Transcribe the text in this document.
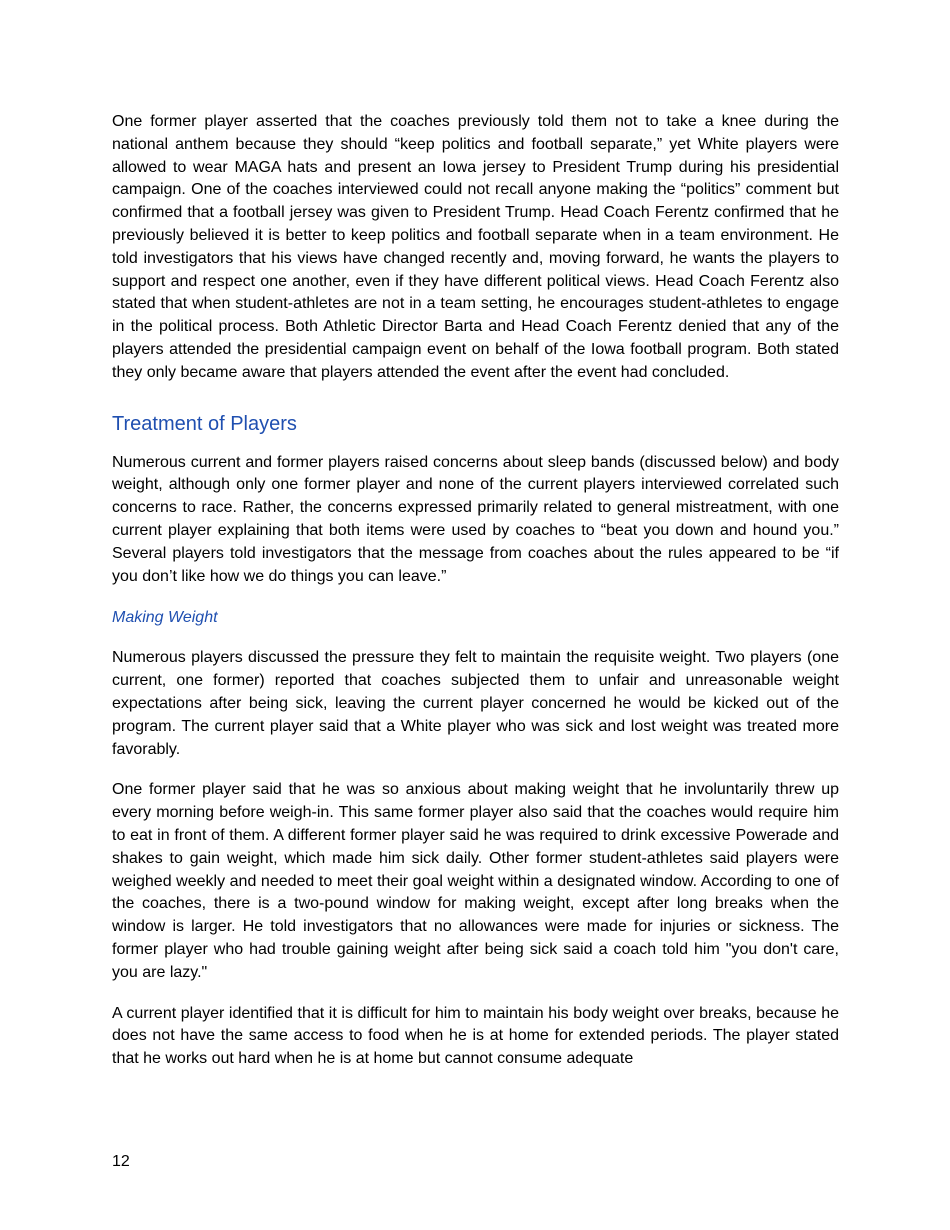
One former player asserted that the coaches previously told them not to take a knee during the national anthem because they should “keep politics and football separate,” yet White players were allowed to wear MAGA hats and present an Iowa jersey to President Trump during his presidential campaign. One of the coaches interviewed could not recall anyone making the “politics” comment but confirmed that a football jersey was given to President Trump. Head Coach Ferentz confirmed that he previously believed it is better to keep politics and football separate when in a team environment. He told investigators that his views have changed recently and, moving forward, he wants the players to support and respect one another, even if they have different political views. Head Coach Ferentz also stated that when student-athletes are not in a team setting, he encourages student-athletes to engage in the political process. Both Athletic Director Barta and Head Coach Ferentz denied that any of the players attended the presidential campaign event on behalf of the Iowa football program. Both stated they only became aware that players attended the event after the event had concluded.

Treatment of Players

Numerous current and former players raised concerns about sleep bands (discussed below) and body weight, although only one former player and none of the current players interviewed correlated such concerns to race. Rather, the concerns expressed primarily related to general mistreatment, with one current player explaining that both items were used by coaches to “beat you down and hound you.” Several players told investigators that the message from coaches about the rules appeared to be “if you don’t like how we do things you can leave.”

Making Weight

Numerous players discussed the pressure they felt to maintain the requisite weight. Two players (one current, one former) reported that coaches subjected them to unfair and unreasonable weight expectations after being sick, leaving the current player concerned he would be kicked out of the program. The current player said that a White player who was sick and lost weight was treated more favorably.

One former player said that he was so anxious about making weight that he involuntarily threw up every morning before weigh-in. This same former player also said that the coaches would require him to eat in front of them. A different former player said he was required to drink excessive Powerade and shakes to gain weight, which made him sick daily. Other former student-athletes said players were weighed weekly and needed to meet their goal weight within a designated window. According to one of the coaches, there is a two-pound window for making weight, except after long breaks when the window is larger. He told investigators that no allowances were made for injuries or sickness. The former player who had trouble gaining weight after being sick said a coach told him "you don't care, you are lazy."

A current player identified that it is difficult for him to maintain his body weight over breaks, because he does not have the same access to food when he is at home for extended periods. The player stated that he works out hard when he is at home but cannot consume adequate

12
